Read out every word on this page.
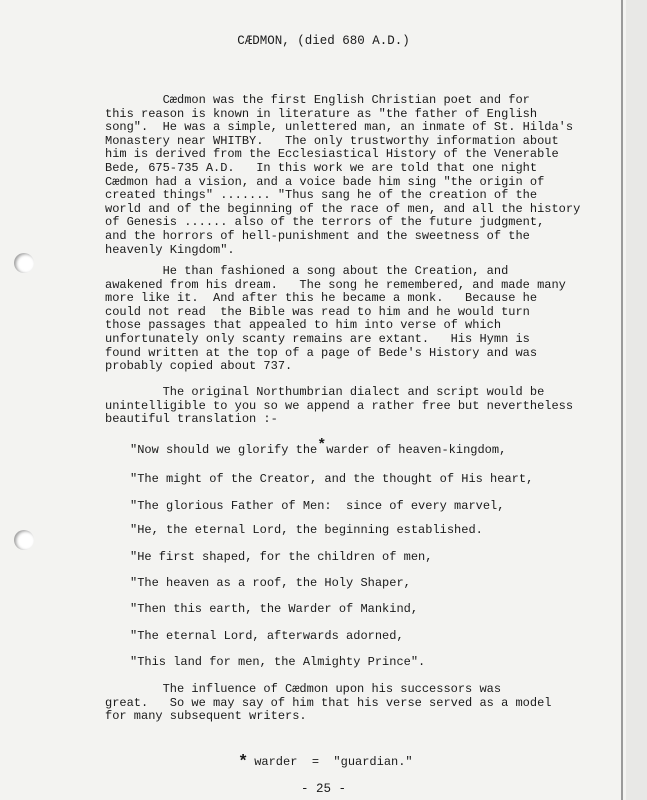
CÆDMON, (died 680 A.D.)

Cædmon was the first English Christian poet and for
this reason is known in literature as "the father of English
song".  He was a simple, unlettered man, an inmate of St. Hilda's
Monastery near WHITBY.   The only trustworthy information about
him is derived from the Ecclesiastical History of the Venerable
Bede, 675-735 A.D.   In this work we are told that one night
Cædmon had a vision, and a voice bade him sing "the origin of
created things" ....... "Thus sang he of the creation of the
world and of the beginning of the race of men, and all the history
of Genesis ...... also of the terrors of the future judgment,
and the horrors of hell-punishment and the sweetness of the
heavenly Kingdom".

He than fashioned a song about the Creation, and
awakened from his dream.   The song he remembered, and made many
more like it.  And after this he became a monk.   Because he
could not read  the Bible was read to him and he would turn
those passages that appealed to him into verse of which
unfortunately only scanty remains are extant.   His Hymn is
found written at the top of a page of Bede's History and was
probably copied about 737.

The original Northumbrian dialect and script would be
unintelligible to you so we append a rather free but nevertheless
beautiful translation :-

"Now should we glorify the*warder of heaven-kingdom,

"The might of the Creator, and the thought of His heart,

"The glorious Father of Men:  since of every marvel,

"He, the eternal Lord, the beginning established.

"He first shaped, for the children of men,

"The heaven as a roof, the Holy Shaper,

"Then this earth, the Warder of Mankind,

"The eternal Lord, afterwards adorned,

"This land for men, the Almighty Prince".

The influence of Cædmon upon his successors was
great.   So we may say of him that his verse served as a model
for many subsequent writers.

* warder  =  "guardian."
- 25 -
